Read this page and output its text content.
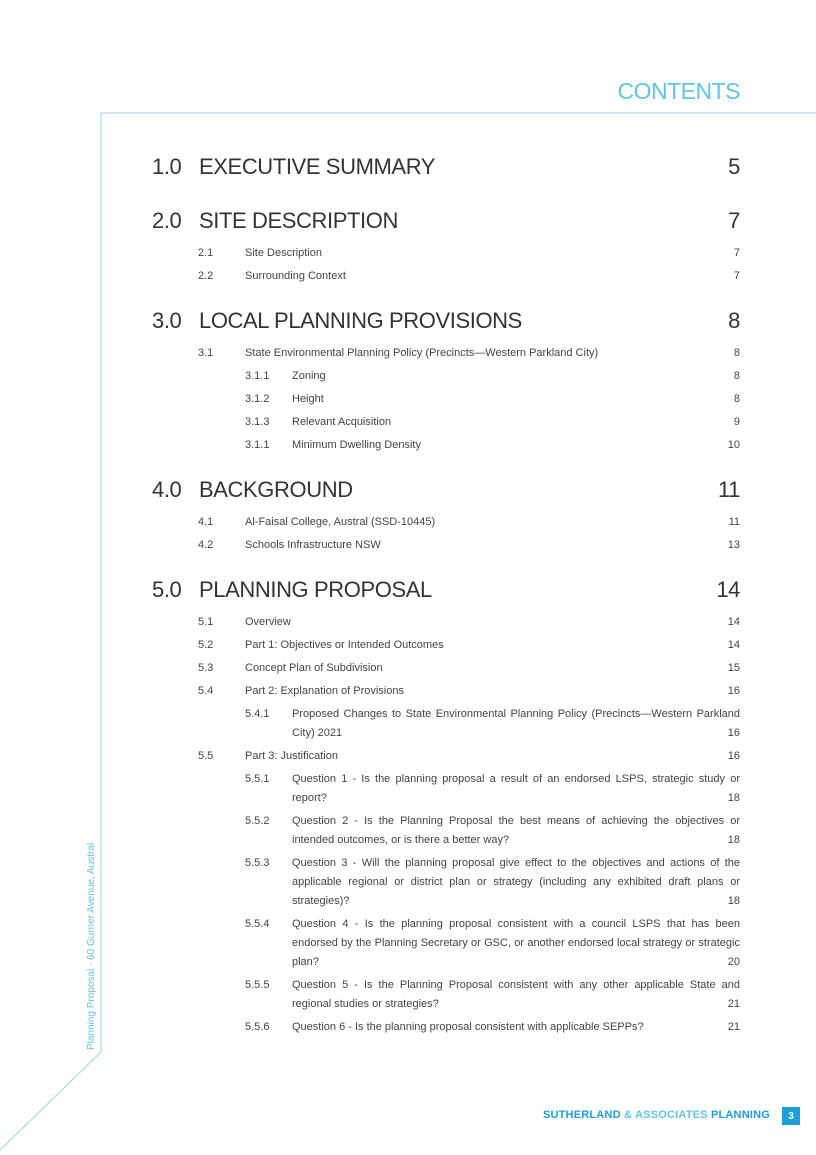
CONTENTS
Planning Proposal - 60 Gurner Avenue, Austral
1.0 EXECUTIVE SUMMARY	5
2.0 SITE DESCRIPTION	7
2.1	Site Description	7
2.2	Surrounding Context	7
3.0 LOCAL PLANNING PROVISIONS	8
3.1	State Environmental Planning Policy (Precincts—Western Parkland City)	8
3.1.1	Zoning	8
3.1.2	Height	8
3.1.3	Relevant Acquisition	9
3.1.1	Minimum Dwelling Density	10
4.0 BACKGROUND	11
4.1	Al-Faisal College, Austral (SSD-10445)	11
4.2	Schools Infrastructure NSW	13
5.0 PLANNING PROPOSAL	14
5.1	Overview	14
5.2	Part 1: Objectives or Intended Outcomes	14
5.3	Concept Plan of Subdivision	15
5.4	Part 2: Explanation of Provisions	16
5.4.1	Proposed Changes to State Environmental Planning Policy (Precincts—Western Parkland City) 2021	16
5.5	Part 3: Justification	16
5.5.1	Question 1 - Is the planning proposal a result of an endorsed LSPS, strategic study or report?	18
5.5.2	Question 2 - Is the Planning Proposal the best means of achieving the objectives or intended outcomes, or is there a better way?	18
5.5.3	Question 3 - Will the planning proposal give effect to the objectives and actions of the applicable regional or district plan or strategy (including any exhibited draft plans or strategies)?	18
5.5.4	Question 4 - Is the planning proposal consistent with a council LSPS that has been endorsed by the Planning Secretary or GSC, or another endorsed local strategy or strategic plan?	20
5.5.5	Question 5 - Is the Planning Proposal consistent with any other applicable State and regional studies or strategies?	21
5.5.6	Question 6 - Is the planning proposal consistent with applicable SEPPs?	21
SUTHERLAND & ASSOCIATES PLANNING	3
